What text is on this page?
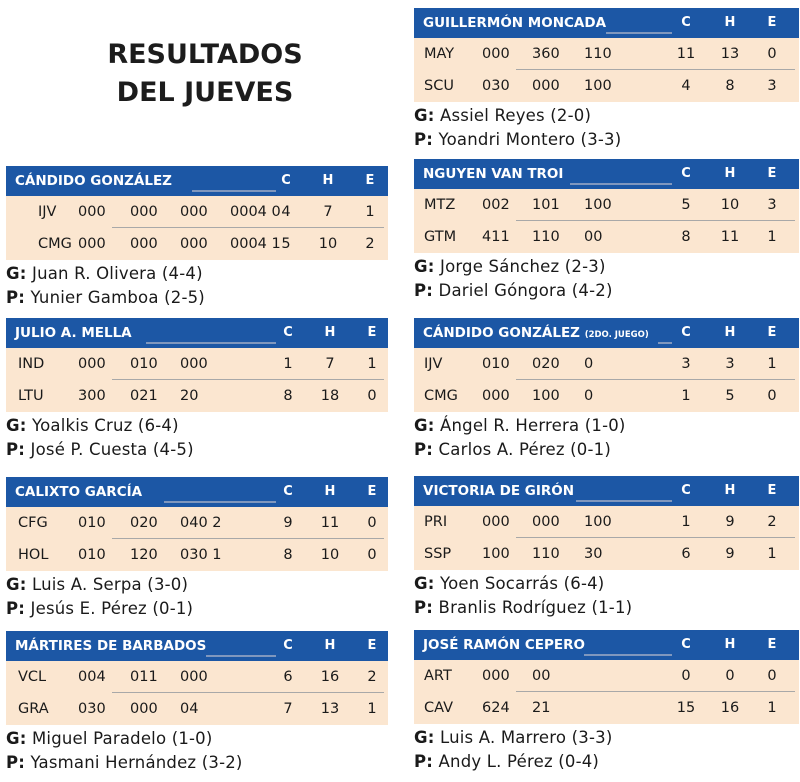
RESULTADOS
DEL JUEVES
CÁNDIDO GONZÁLEZ	C	H	E
IJV 000 000 000 0004 0 4	7	1
CMG 000 000 000 0004 1 5	10	2
G: Juan R. Olivera (4-4)
P: Yunier Gamboa (2-5)
JULIO A. MELLA	C	H	E
IND 000 010 000	1	7	1
LTU 300 021 20	8	18	0
G: Yoalkis Cruz (6-4)
P: José P. Cuesta (4-5)
CALIXTO GARCÍA	C	H	E
CFG 010 020 040 2	9	11	0
HOL 010 120 030 1	8	10	0
G: Luis A. Serpa (3-0)
P: Jesús E. Pérez (0-1)
MÁRTIRES DE BARBADOS	C	H	E
VCL 004 011 000	6	16	2
GRA 030 000 04	7	13	1
G: Miguel Paradelo (1-0)
P: Yasmani Hernández (3-2)
GUILLERMÓN MONCADA	C	H	E
MAY 000 360 110	11	13	0
SCU 030 000 100	4	8	3
G: Assiel Reyes (2-0)
P: Yoandri Montero (3-3)
NGUYEN VAN TROI	C	H	E
MTZ 002 101 100	5	10	3
GTM 411 110 00	8	11	1
G: Jorge Sánchez (2-3)
P: Dariel Góngora (4-2)
CÁNDIDO GONZÁLEZ (2DO. JUEGO)	C	H	E
IJV	010 020 0	3	3	1
CMG 000 100 0	1	5	0
G: Ángel R. Herrera (1-0)
P: Carlos A. Pérez (0-1)
VICTORIA DE GIRÓN	C	H	E
PRI 000 000 100	1	9	2
SSP 100 110 30	6	9	1
G: Yoen Socarrás (6-4)
P: Branlis Rodríguez (1-1)
JOSÉ RAMÓN CEPERO	C	H	E
ART 000 00	0	0	0
CAV 624 21	15	16	1
G: Luis A. Marrero (3-3)
P: Andy L. Pérez (0-4)
